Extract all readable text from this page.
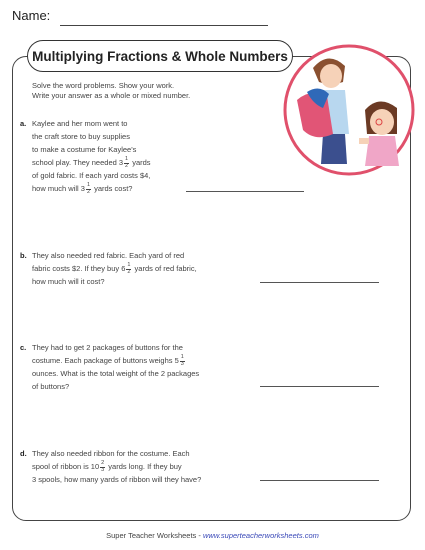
Name:
Multiplying Fractions & Whole Numbers
Solve the word problems. Show your work.
Write your answer as a whole or mixed number.
a. Kaylee and her mom went to
the craft store to buy supplies
to make a costume for Kaylee's
school play. They needed $3 \frac{1}{2}$ yards
of gold fabric. If each yard costs $4,
how much will $3 \frac{1}{2}$ yards cost?
b. They also needed red fabric. Each yard of red
fabric costs $2. If they buy $6 \frac{1}{2}$ yards of red fabric,
how much will it cost?
c. They had to get 2 packages of buttons for the
costume. Each package of buttons weighs $5 \frac{1}{3}$
ounces. What is the total weight of the 2 packages
of buttons?
d. They also needed ribbon for the costume. Each
spool of ribbon is $10 \frac{2}{3}$ yards long. If they buy
3 spools, how many yards of ribbon will they have?
Super Teacher Worksheets - www.superteacherworksheets.com
